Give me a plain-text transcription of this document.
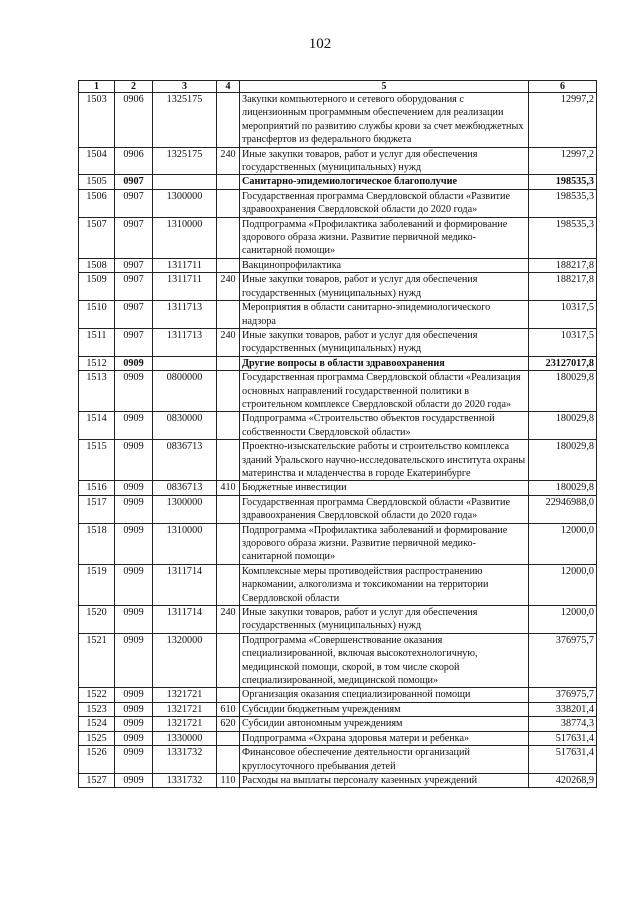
102
1	2	3	4	5	6
1503	0906	1325175		Закупки компьютерного и сетевого оборудования с лицензионным программным обеспечением для реализации мероприятий по развитию службы крови за счет межбюджетных трансфертов из федерального бюджета	12997,2
1504	0906	1325175	240	Иные закупки товаров, работ и услуг для обеспечения государственных (муниципальных) нужд	12997,2
1505	0907			Санитарно-эпидемиологическое благополучие	198535,3
1506	0907	1300000		Государственная программа Свердловской области «Развитие здравоохранения Свердловской области до 2020 года»	198535,3
1507	0907	1310000		Подпрограмма «Профилактика заболеваний и формирование здорового образа жизни. Развитие первичной медико-санитарной помощи»	198535,3
1508	0907	1311711		Вакцинопрофилактика	188217,8
1509	0907	1311711	240	Иные закупки товаров, работ и услуг для обеспечения государственных (муниципальных) нужд	188217,8
1510	0907	1311713		Мероприятия в области санитарно-эпидемиологического надзора	10317,5
1511	0907	1311713	240	Иные закупки товаров, работ и услуг для обеспечения государственных (муниципальных) нужд	10317,5
1512	0909			Другие вопросы в области здравоохранения	23127017,8
1513	0909	0800000		Государственная программа Свердловской области «Реализация основных направлений государственной политики в строительном комплексе Свердловской области до 2020 года»	180029,8
1514	0909	0830000		Подпрограмма «Строительство объектов государственной собственности Свердловской области»	180029,8
1515	0909	0836713		Проектно-изыскательские работы и строительство комплекса зданий Уральского научно-исследовательского института охраны материнства и младенчества в городе Екатеринбурге	180029,8
1516	0909	0836713	410	Бюджетные инвестиции	180029,8
1517	0909	1300000		Государственная программа Свердловской области «Развитие здравоохранения Свердловской области до 2020 года»	22946988,0
1518	0909	1310000		Подпрограмма «Профилактика заболеваний и формирование здорового образа жизни. Развитие первичной медико-санитарной помощи»	12000,0
1519	0909	1311714		Комплексные меры противодействия распространению наркомании, алкоголизма и токсикомании на территории Свердловской области	12000,0
1520	0909	1311714	240	Иные закупки товаров, работ и услуг для обеспечения государственных (муниципальных) нужд	12000,0
1521	0909	1320000		Подпрограмма «Совершенствование оказания специализированной, включая высокотехнологичную, медицинской помощи, скорой, в том числе скорой специализированной, медицинской помощи»	376975,7
1522	0909	1321721		Организация оказания специализированной помощи	376975,7
1523	0909	1321721	610	Субсидии бюджетным учреждениям	338201,4
1524	0909	1321721	620	Субсидии автономным учреждениям	38774,3
1525	0909	1330000		Подпрограмма «Охрана здоровья матери и ребенка»	517631,4
1526	0909	1331732		Финансовое обеспечение деятельности организаций круглосуточного пребывания детей	517631,4
1527	0909	1331732	110	Расходы на выплаты персоналу казенных учреждений	420268,9
